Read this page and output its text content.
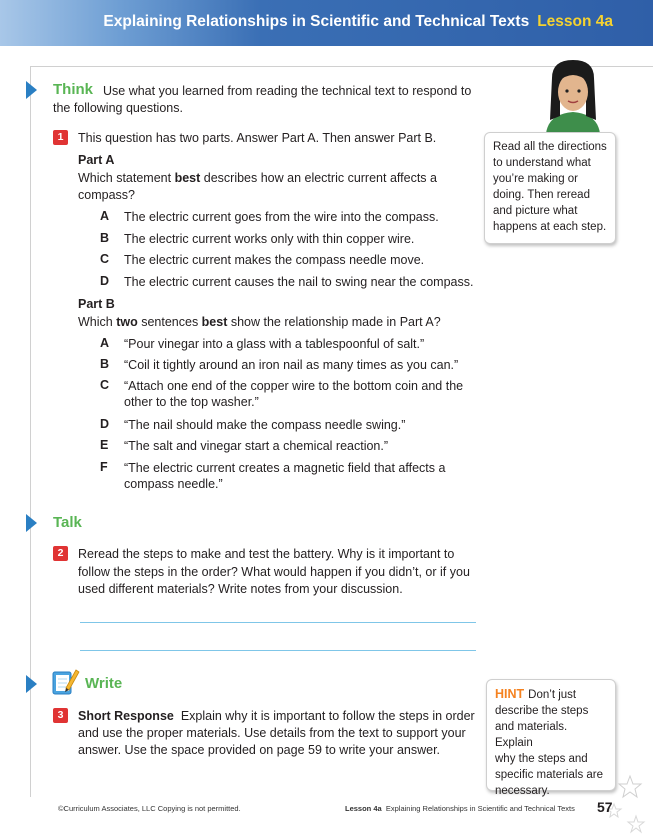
Explaining Relationships in Scientific and Technical Texts Lesson 4a
Think Use what you learned from reading the technical text to respond to
the following questions.
1	This question has two parts. Answer Part A. Then answer Part B.
Part A
Which statement best describes how an electric current affects a
compass?
A The electric current goes from the wire into the compass.
B The electric current works only with thin copper wire.
C The electric current makes the compass needle move.
D The electric current causes the nail to swing near the compass.
Part B
Which two sentences best show the relationship made in Part A?
A “Pour vinegar into a glass with a tablespoonful of salt.”
B “Coil it tightly around an iron nail as many times as you can.”
C “Attach one end of the copper wire to the bottom coin and the
other to the top washer.”
D “The nail should make the compass needle swing.”
E “The salt and vinegar start a chemical reaction.”
F “The electric current creates a magnetic field that affects a
compass needle.”
Read all the directions
to understand what
you’re making or
doing. Then reread
and picture what
happens at each step.
Talk
2	Reread the steps to make and test the battery. Why is it important to
follow the steps in the order? What would happen if you didn’t, or if you
used different materials? Write notes from your discussion.
Write
3	Short Response Explain why it is important to follow the steps in order
and use the proper materials. Use details from the text to support your
answer. Use the space provided on page 59 to write your answer.
HINT Don’t just
describe the steps
and materials. Explain
why the steps and
specific materials are
necessary.
©Curriculum Associates, LLC Copying is not permitted.	Lesson 4a Explaining Relationships in Scientific and Technical Texts 57
